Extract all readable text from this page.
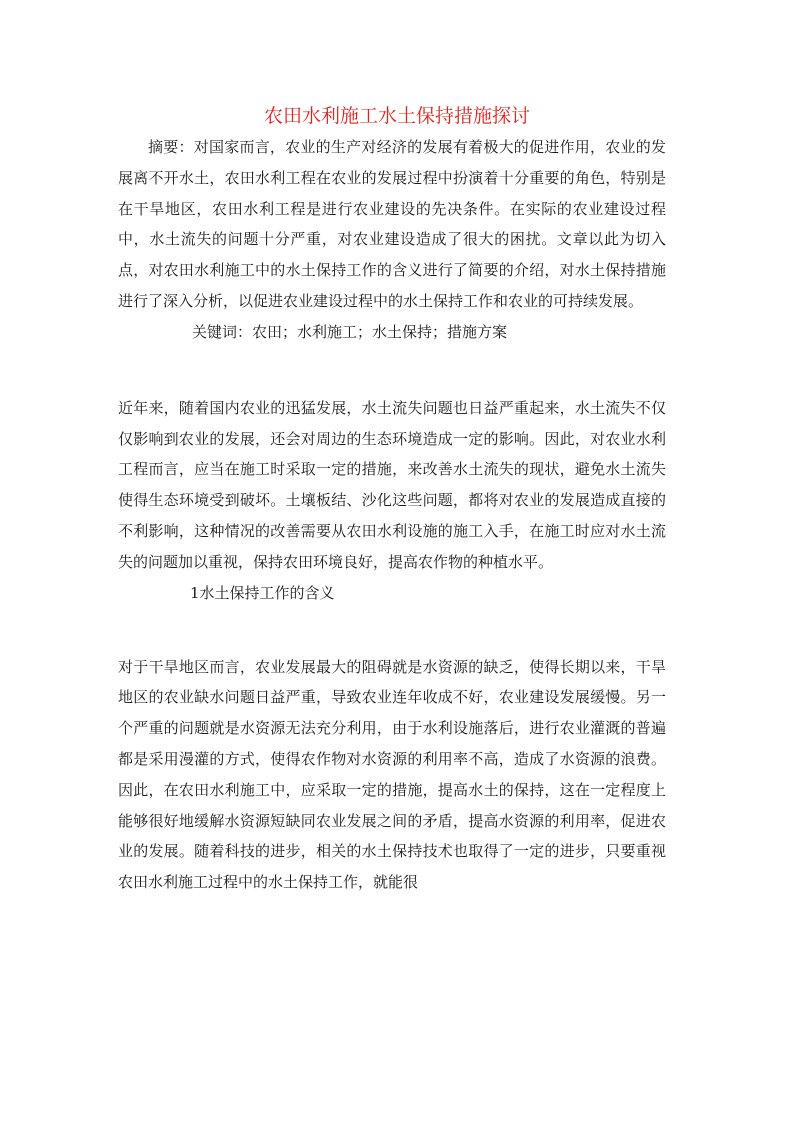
农田水利施工水土保持措施探讨

摘要：对国家而言，农业的生产对经济的发展有着极大的促进作用，农业的发展离不开水土，农田水利工程在农业的发展过程中扮演着十分重要的角色，特别是在干旱地区，农田水利工程是进行农业建设的先决条件。在实际的农业建设过程中，水土流失的问题十分严重，对农业建设造成了很大的困扰。文章以此为切入点，对农田水利施工中的水土保持工作的含义进行了简要的介绍，对水土保持措施进行了深入分析，以促进农业建设过程中的水土保持工作和农业的可持续发展。

关键词：农田；水利施工；水土保持；措施方案

近年来，随着国内农业的迅猛发展，水土流失问题也日益严重起来，水土流失不仅仅影响到农业的发展，还会对周边的生态环境造成一定的影响。因此，对农业水利工程而言，应当在施工时采取一定的措施，来改善水土流失的现状，避免水土流失使得生态环境受到破坏。土壤板结、沙化这些问题，都将对农业的发展造成直接的不利影响，这种情况的改善需要从农田水利设施的施工入手，在施工时应对水土流失的问题加以重视，保持农田环境良好，提高农作物的种植水平。

1水土保持工作的含义

对于干旱地区而言，农业发展最大的阻碍就是水资源的缺乏，使得长期以来，干旱地区的农业缺水问题日益严重，导致农业连年收成不好，农业建设发展缓慢。另一个严重的问题就是水资源无法充分利用，由于水利设施落后，进行农业灌溉的普遍都是采用漫灌的方式，使得农作物对水资源的利用率不高，造成了水资源的浪费。因此，在农田水利施工中，应采取一定的措施，提高水土的保持，这在一定程度上能够很好地缓解水资源短缺同农业发展之间的矛盾，提高水资源的利用率，促进农业的发展。随着科技的进步，相关的水土保持技术也取得了一定的进步，只要重视农田水利施工过程中的水土保持工作，就能很
